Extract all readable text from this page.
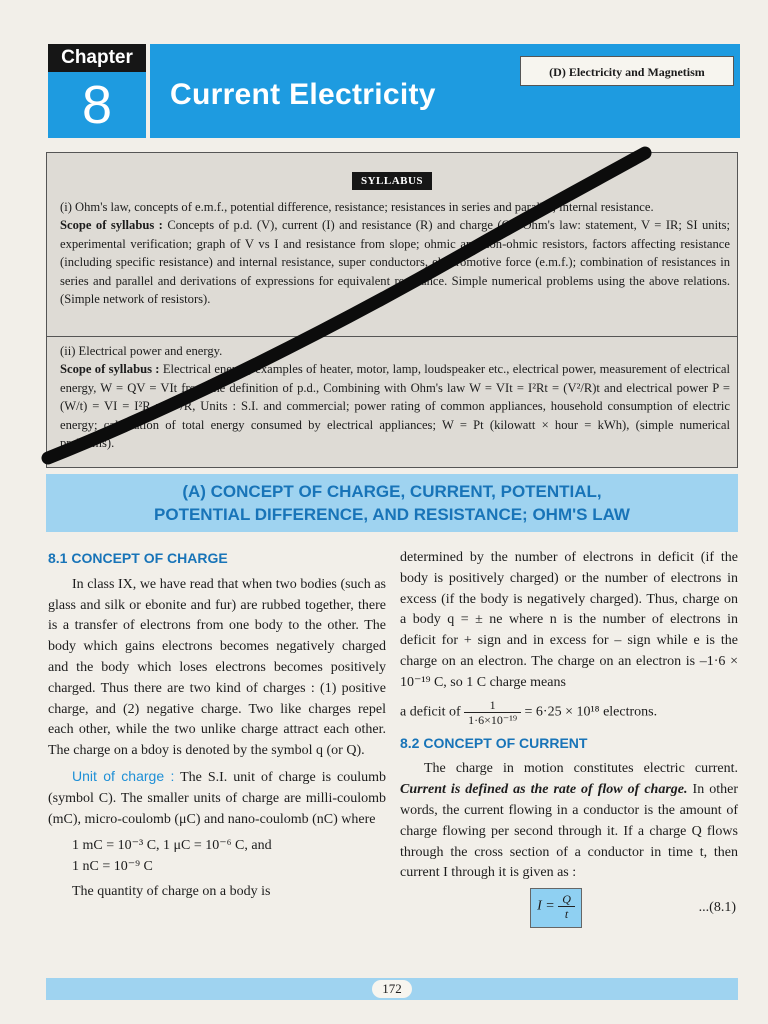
Chapter
8	Current Electricity
(D) Electricity and Magnetism
SYLLABUS
(i) Ohm's law, concepts of e.m.f., potential difference, resistance; resistances in series and parallel; internal resistance.
Scope of syllabus : Concepts of p.d. (V), current (I) and resistance (R) and charge (Q). Ohm's law: statement, V = IR; SI units; experimental verification; graph of V vs I and resistance from slope; ohmic and non-ohmic resistors, factors affecting resistance (including specific resistance) and internal resistance, super conductors, electromotive force (e.m.f.); combination of resistances in series and parallel and derivations of expressions for equivalent resistance. Simple numerical problems using the above relations. (Simple network of resistors).
(ii) Electrical power and energy.
Scope of syllabus : Electrical energy; examples of heater, motor, lamp, loudspeaker etc., electrical power, measurement of electrical energy, W = QV = VIt from the definition of p.d., Combining with Ohm's law W = VIt = I²Rt = (V²/R)t and electrical power P = (W/t) = VI = I²R = V²/R, Units : S.I. and commercial; power rating of common appliances, household consumption of electric energy; calculation of total energy consumed by electrical appliances; W = Pt (kilowatt × hour = kWh), (simple numerical problems).
(A) CONCEPT OF CHARGE, CURRENT, POTENTIAL,
POTENTIAL DIFFERENCE, AND RESISTANCE; OHM'S LAW
8.1 CONCEPT OF CHARGE
In class IX, we have read that when two bodies (such as glass and silk or ebonite and fur) are rubbed together, there is a transfer of electrons from one body to the other. The body which gains electrons becomes negatively charged and the body which loses electrons becomes positively charged. Thus there are two kind of charges : (1) positive charge, and (2) negative charge. Two like charges repel each other, while the two unlike charge attract each other. The charge on a bdoy is denoted by the symbol q (or Q).
Unit of charge : The S.I. unit of charge is coulumb (symbol C). The smaller units of charge are milli-coulomb (mC), micro-coulomb (μC) and nano-coulomb (nC) where
1 mC = 10⁻³ C, 1 μC = 10⁻⁶ C, and
1 nC = 10⁻⁹ C
The quantity of charge on a body is
determined by the number of electrons in deficit (if the body is positively charged) or the number of electrons in excess (if the body is negatively charged). Thus, charge on a body q = ± ne where n is the number of electrons in deficit for + sign and in excess for – sign while e is the charge on an electron. The charge on an electron is –1·6 × 10⁻¹⁹ C, so 1 C charge means
a deficit of $\frac{1}{\text{1·6×10⁻¹⁹}} = 6\cdot 25 \times 10^{18}$ electrons.
8.2 CONCEPT OF CURRENT
The charge in motion constitutes electric current. Current is defined as the rate of flow of charge. In other words, the current flowing in a conductor is the amount of charge flowing per second through it. If a charge Q flows through the cross section of a conductor in time t, then current I through it is given as :
$I = \frac{Q}{t}$	...(8.1)
172
